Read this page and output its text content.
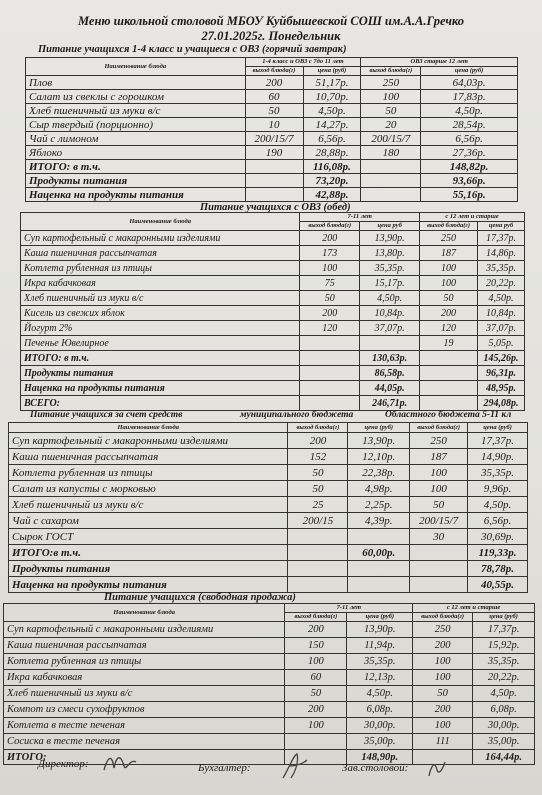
Меню школьной столовой МБОУ Куйбышевской СОШ им.А.А.Гречко
27.01.2025г. Понедельник
Питание учащихся 1-4 класс и учащиеся с ОВЗ (горячий завтрак)
Наименование блюда	1-4 класс и ОВЗ с 7до 11 лет		ОВЗ старше 12 лет	
	выход блюда(г)	цена (руб)	выход блюда(г)	цена (руб)
Плов	200	51,17р.	250	64,03р.
Салат из свеклы с горошком	60	10,70р.	100	17,83р.
Хлеб пшеничный из муки в/с	50	4,50р.	50	4,50р.
Сыр твердый (порционно)	10	14,27р.	20	28,54р.
Чай с лимоном	200/15/7	6,56р.	200/15/7	6,56р.
Яблоко	190	28,88р.	180	27,36р.
ИТОГО: в т.ч.		116,08р.		148,82р.
Продукты питания		73,20р.		93,66р.
Наценка на продукты питания		42,88р.		55,16р.
Питание учащихся с ОВЗ (обед)
Наименование блюда	7-11 лет		с 12 лет и старше	
	выход блюда(г)	цена руб	выход блюда(г)	цена руб
Суп картофельный с макаронными изделиями	200	13,90р.	250	17,37р.
Каша пшеничная рассыпчатая	173	13,80р.	187	14,86р.
Котлета рубленная из птицы	100	35,35р.	100	35,35р.
Икра кабачковая	75	15,17р.	100	20,22р.
Хлеб пшеничный из муки в/с	50	4,50р.	50	4,50р.
Кисель из свежих яблок	200	10,84р.	200	10,84р.
Йогурт 2%	120	37,07р.	120	37,07р.
Печенье Ювелирное			19	5,05р.
ИТОГО: в т.ч.		130,63р.		145,26р.
Продукты питания		86,58р.		96,31р.
Наценка на продукты питания		44,05р.		48,95р.
ВСЕГО:		246,71р.		294,08р.
Питание учащихся за счет средств	муниципального бюджета	Областного бюджета 5-11 кл
Наименование блюда	выход блюда(г)	цена (руб)	выход блюда(г)	цена (руб)
Суп картофельный с макаронными изделиями	200	13,90р.	250	17,37р.
Каша пшеничная рассыпчатая	152	12,10р.	187	14,90р.
Котлета рубленная из птицы	50	22,38р.	100	35,35р.
Салат из капусты с морковью	50	4,98р.	100	9,96р.
Хлеб пшеничный из муки в/с	25	2,25р.	50	4,50р.
Чай с сахаром	200/15	4,39р.	200/15/7	6,56р.
Сырок ГОСТ			30	30,69р.
ИТОГО:в т.ч.		60,00р.		119,33р.
Продукты питания				78,78р.
Наценка на продукты питания				40,55р.
Питание учащихся (свободная продажа)
Наименование блюда	7-11 лет		с 12 лет и старше	
	выход блюда(г)	цена (руб)	выход блюда(г)	цена (руб)
Суп картофельный с макаронными изделиями	200	13,90р.	250	17,37р.
Каша пшеничная рассыпчатая	150	11,94р.	200	15,92р.
Котлета рубленная из птицы	100	35,35р.	100	35,35р.
Икра кабачковая	60	12,13р.	100	20,22р.
Хлеб пшеничный из муки в/с	50	4,50р.	50	4,50р.
Компот из смеси сухофруктов	200	6,08р.	200	6,08р.
Котлета в тесте печеная	100	30,00р.	100	30,00р.
Сосиска в тесте печеная		35,00р.	111	35,00р.
ИТОГО:		148,90р.		164,44р.
Директор:	Бухгалтер:	Зав.столовой:
